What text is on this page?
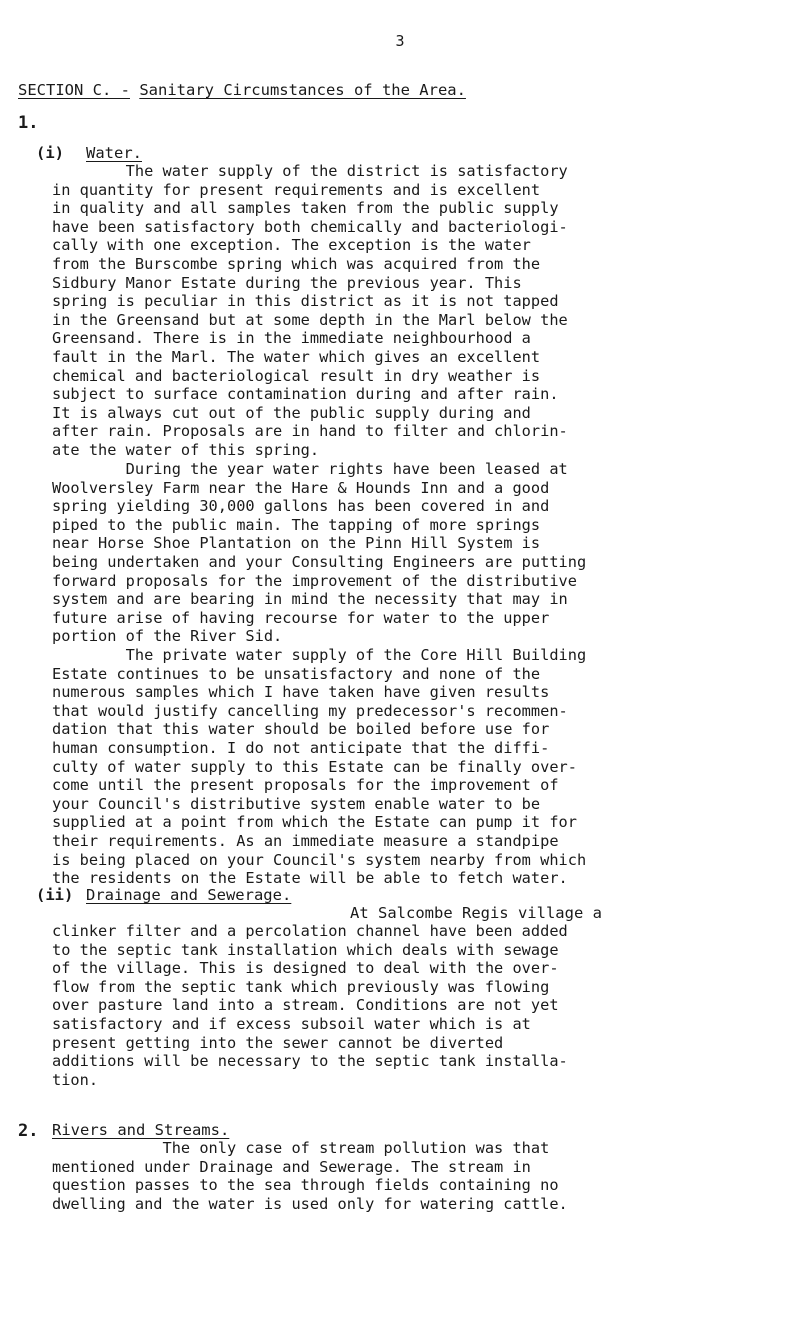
3
SECTION C. - Sanitary Circumstances of the Area.
1.
(i) Water.

The water supply of the district is satisfactory
in quantity for present requirements and is excellent
in quality and all samples taken from the public supply
have been satisfactory both chemically and bacteriologi-
cally with one exception. The exception is the water
from the Burscombe spring which was acquired from the
Sidbury Manor Estate during the previous year. This
spring is peculiar in this district as it is not tapped
in the Greensand but at some depth in the Marl below the
Greensand. There is in the immediate neighbourhood a
fault in the Marl. The water which gives an excellent
chemical and bacteriological result in dry weather is
subject to surface contamination during and after rain.
It is always cut out of the public supply during and
after rain. Proposals are in hand to filter and chlorin-
ate the water of this spring.

During the year water rights have been leased at
Woolversley Farm near the Hare & Hounds Inn and a good
spring yielding 30,000 gallons has been covered in and
piped to the public main. The tapping of more springs
near Horse Shoe Plantation on the Pinn Hill System is
being undertaken and your Consulting Engineers are putting
forward proposals for the improvement of the distributive
system and are bearing in mind the necessity that may in
future arise of having recourse for water to the upper
portion of the River Sid.

The private water supply of the Core Hill Building
Estate continues to be unsatisfactory and none of the
numerous samples which I have taken have given results
that would justify cancelling my predecessor's recommen-
dation that this water should be boiled before use for
human consumption. I do not anticipate that the diffi-
culty of water supply to this Estate can be finally over-
come until the present proposals for the improvement of
your Council's distributive system enable water to be
supplied at a point from which the Estate can pump it for
their requirements. As an immediate measure a standpipe
is being placed on your Council's system nearby from which
the residents on the Estate will be able to fetch water.

(ii) Drainage and Sewerage.
At Salcombe Regis village a

clinker filter and a percolation channel have been added
to the septic tank installation which deals with sewage
of the village. This is designed to deal with the over-
flow from the septic tank which previously was flowing
over pasture land into a stream. Conditions are not yet
satisfactory and if excess subsoil water which is at
present getting into the sewer cannot be diverted
additions will be necessary to the septic tank installa-
tion.

2. Rivers and Streams.

The only case of stream pollution was that
mentioned under Drainage and Sewerage. The stream in
question passes to the sea through fields containing no
dwelling and the water is used only for watering cattle.
